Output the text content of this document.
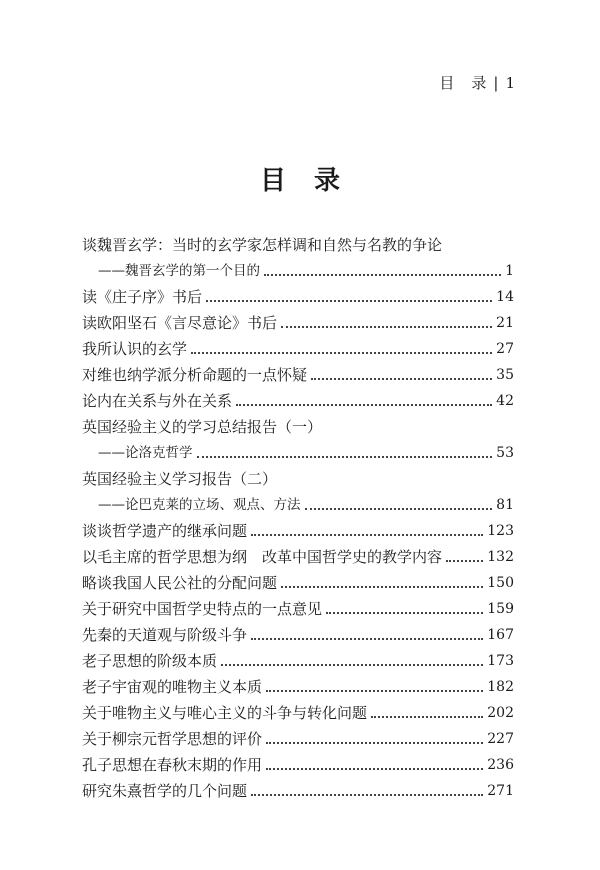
目　录 | 1
目录
谈魏晋玄学：当时的玄学家怎样调和自然与名教的争论
——魏晋玄学的第一个目的	1
读《庄子序》书后	14
读欧阳坚石《言尽意论》书后	21
我所认识的玄学	27
对维也纳学派分析命题的一点怀疑	35
论内在关系与外在关系	42
英国经验主义的学习总结报告（一）
——论洛克哲学	53
英国经验主义学习报告（二）
——论巴克莱的立场、观点、方法	81
谈谈哲学遗产的继承问题	123
以毛主席的哲学思想为纲　改革中国哲学史的教学内容	132
略谈我国人民公社的分配问题	150
关于研究中国哲学史特点的一点意见	159
先秦的天道观与阶级斗争	167
老子思想的阶级本质	173
老子宇宙观的唯物主义本质	182
关于唯物主义与唯心主义的斗争与转化问题	202
关于柳宗元哲学思想的评价	227
孔子思想在春秋末期的作用	236
研究朱熹哲学的几个问题	271
